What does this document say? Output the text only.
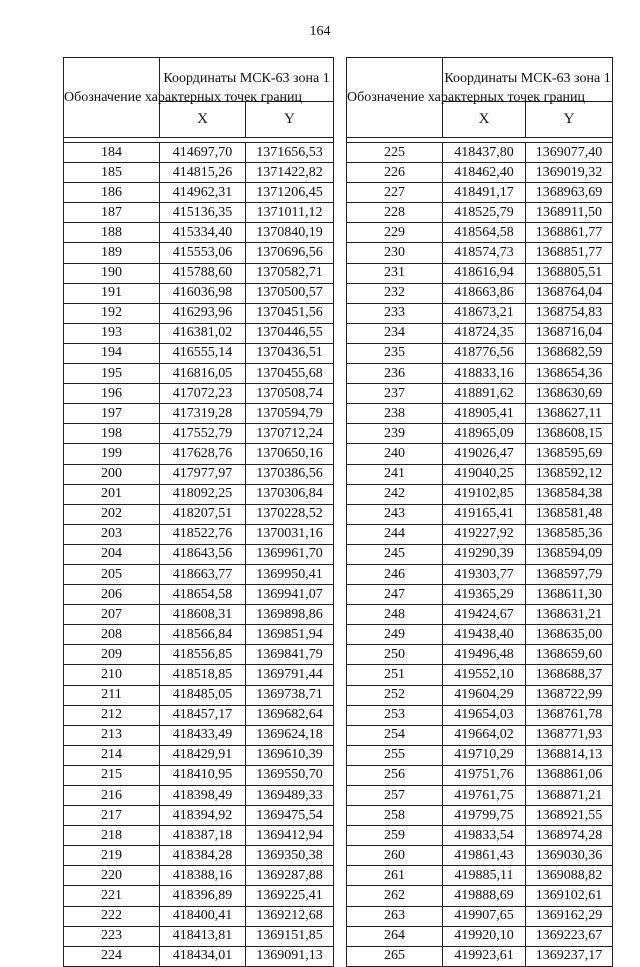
164
Обозначение характерных точек границ	Координаты МСК-63 зона 1	
	X	Y

184	414697,70	1371656,53
185	414815,26	1371422,82
186	414962,31	1371206,45
187	415136,35	1371011,12
188	415334,40	1370840,19
189	415553,06	1370696,56
190	415788,60	1370582,71
191	416036,98	1370500,57
192	416293,96	1370451,56
193	416381,02	1370446,55
194	416555,14	1370436,51
195	416816,05	1370455,68
196	417072,23	1370508,74
197	417319,28	1370594,79
198	417552,79	1370712,24
199	417628,76	1370650,16
200	417977,97	1370386,56
201	418092,25	1370306,84
202	418207,51	1370228,52
203	418522,76	1370031,16
204	418643,56	1369961,70
205	418663,77	1369950,41
206	418654,58	1369941,07
207	418608,31	1369898,86
208	418566,84	1369851,94
209	418556,85	1369841,79
210	418518,85	1369791,44
211	418485,05	1369738,71
212	418457,17	1369682,64
213	418433,49	1369624,18
214	418429,91	1369610,39
215	418410,95	1369550,70
216	418398,49	1369489,33
217	418394,92	1369475,54
218	418387,18	1369412,94
219	418384,28	1369350,38
220	418388,16	1369287,88
221	418396,89	1369225,41
222	418400,41	1369212,68
223	418413,81	1369151,85
224	418434,01	1369091,13
Обозначение характерных точек границ	Координаты МСК-63 зона 1	
	X	Y

225	418437,80	1369077,40
226	418462,40	1369019,32
227	418491,17	1368963,69
228	418525,79	1368911,50
229	418564,58	1368861,77
230	418574,73	1368851,77
231	418616,94	1368805,51
232	418663,86	1368764,04
233	418673,21	1368754,83
234	418724,35	1368716,04
235	418776,56	1368682,59
236	418833,16	1368654,36
237	418891,62	1368630,69
238	418905,41	1368627,11
239	418965,09	1368608,15
240	419026,47	1368595,69
241	419040,25	1368592,12
242	419102,85	1368584,38
243	419165,41	1368581,48
244	419227,92	1368585,36
245	419290,39	1368594,09
246	419303,77	1368597,79
247	419365,29	1368611,30
248	419424,67	1368631,21
249	419438,40	1368635,00
250	419496,48	1368659,60
251	419552,10	1368688,37
252	419604,29	1368722,99
253	419654,03	1368761,78
254	419664,02	1368771,93
255	419710,29	1368814,13
256	419751,76	1368861,06
257	419761,75	1368871,21
258	419799,75	1368921,55
259	419833,54	1368974,28
260	419861,43	1369030,36
261	419885,11	1369088,82
262	419888,69	1369102,61
263	419907,65	1369162,29
264	419920,10	1369223,67
265	419923,61	1369237,17
